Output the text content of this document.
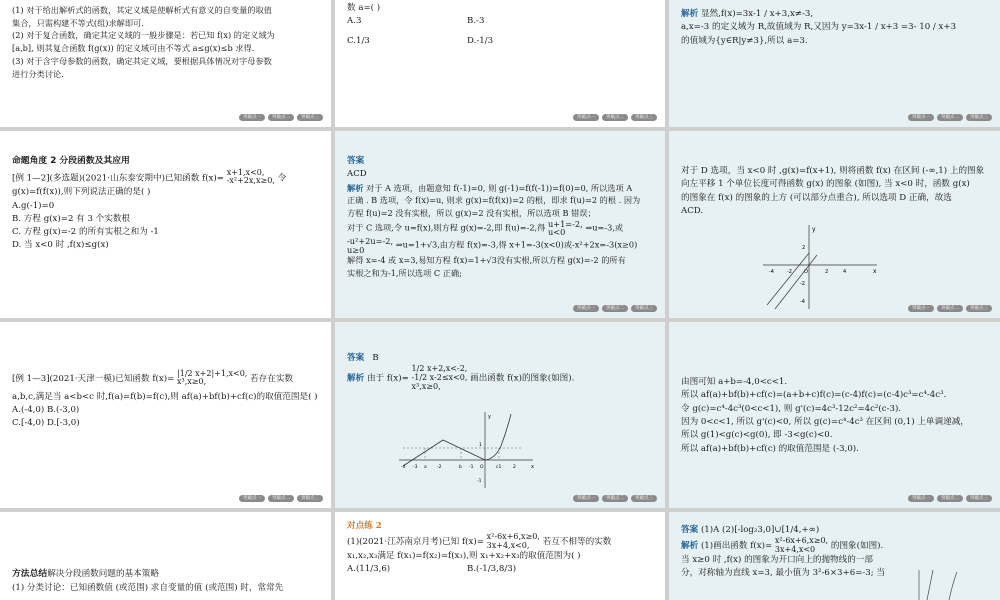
(1) 对于给出解析式的函数，其定义域是使解析式有意义的自变量的取值

集合，只需构建不等式(组)求解即可.

(2) 对于复合函数，确定其定义域的一般步骤是：若已知 f(x) 的定义域为

[a,b], 则其复合函数 f(g(x)) 的定义域可由不等式 a≤g(x)≤b 求得.

(3) 对于含字母参数的函数，确定其定义域，要根据具体情况对字母参数

进行分类讨论.

突破点一	突破点二	突破点三

数 a=( )

A.3	B.-3
C.1/3	D.-1/3
突破点一	突破点二	突破点三

解析 显然,f(x)=3x-1 / x+3,x≠-3,

a,x=-3 的定义域为 R,故值域为 R,又因为 y=3x-1 / x+3 =3- 10 / x+3

的值域为{y∈R|y≠3},所以 a=3.

突破点一	突破点二	突破点三

命题角度 2 分段函数及其应用

[例 1—2](多选题)(2021·山东泰安期中)已知函数 f(x)=
x+1,x<0,
-x²+2x,x≥0, 令

g(x)=f(f(x)),则下列说法正确的是( )

A.g(-1)=0

B. 方程 g(x)=2 有 3 个实数根

C. 方程 g(x)=-2 的所有实根之和为 -1

D. 当 x<0 时 ,f(x)≤g(x)

答案

ACD

解析 对于 A 选项，由题意知 f(-1)=0, 则 g(-1)=f(f(-1))=f(0)=0, 所以选项 A

正确 . B 选项，令 f(x)=u, 则求 g(x)=f(f(x))=2 的根，即求 f(u)=2 的根 . 因为

方程 f(u)=2 没有实根，所以 g(x)=2 没有实根，所以选项 B 错误；

对于 C 选项,令 u=f(x),则方程 g(x)=-2,即 f(u)=-2,得 u+1=-2,
u<0	⇒u=-3,或

-u²+2u=-2,
u≥0	⇒u=1+√3,由方程 f(x)=-3,得 x+1=-3(x<0)或-x²+2x=-3(x≥0)

解得 x=-4 或 x=3,易知方程 f(x)=1+√3没有实根,所以方程 g(x)=-2 的所有

实根之和为-1,所以选项 C 正确;

突破点一	突破点二	突破点三

对于 D 选项，当 x<0 时 ,g(x)=f(x+1), 则将函数 f(x) 在区间 (-∞,1) 上的图象

向左平移 1 个单位长度可得函数 g(x) 的图象 (如图), 当 x<0 时，函数 g(x)

的图象在 f(x) 的图象的上方 (可以部分点重合), 所以选项 D 正确，故选

ACD.

x
y
-4	-2 O	2	4
2
-2
-4
突破点一	突破点二	突破点三

[例 1—3](2021·天津一模)已知函数 f(x)=
|1/2 x+2|+1,x<0,
x³,x≥0,	若存在实数

a,b,c,满足当 a<b<c 时,f(a)=f(b)=f(c),则 af(a)+bf(b)+cf(c)的取值范围是( )

A.(-4,0) B.(-3,0)

C.[-4,0) D.[-3,0)

突破点一	突破点二	突破点三

答案 B

解析 由于 f(x)=
1/2 x+2,x<-2,
-1/2 x-2≤x<0,
x³,x≥0,
画出函数 f(x)的图象(如图).

x
y
-4 -3 a -2	b -1 O	c1	2
1
-1
突破点一	突破点二	突破点三

由图可知 a+b=-4,0<c<1.

所以 af(a)+bf(b)+cf(c)=(a+b+c)f(c)=(c-4)f(c)=(c-4)c³=c⁴-4c³.

令 g(c)=c⁴-4c³(0<c<1), 则 g'(c)=4c³-12c²=4c²(c-3).

因为 0<c<1, 所以 g'(c)<0, 所以 g(c)=c⁴-4c³ 在区间 (0,1) 上单调递减，

所以 g(1)<g(c)<g(0), 即 -3<g(c)<0.

所以 af(a)+bf(b)+cf(c) 的取值范围是 (-3,0).

突破点一	突破点二	突破点三

方法总结解决分段函数问题的基本策略

(1) 分类讨论：已知函数值 (或范围) 求自变量的值 (或范围) 时，常常先

对点练 2

(1)(2021·江苏南京月考)已知 f(x)=
x²-6x+6,x≥0,
3x+4,x<0,	若互不相等的实数

x₁,x₂,x₃满足 f(x₁)=f(x₂)=f(x₃),则 x₁+x₂+x₃的取值范围为( )

A.(11/3,6)	B.(-1/3,8/3)

答案 (1)A (2)[-log₂3,0]∪[1/4,+∞)

解析 (1)画出函数 f(x)=
x²-6x+6,x≥0,
3x+4,x<0	的图象(如图).

当 x≥0 时 ,f(x) 的图象为开口向上的抛物线的一部

分，对称轴为直线 x=3, 最小值为 3²-6×3+6=-3; 当
